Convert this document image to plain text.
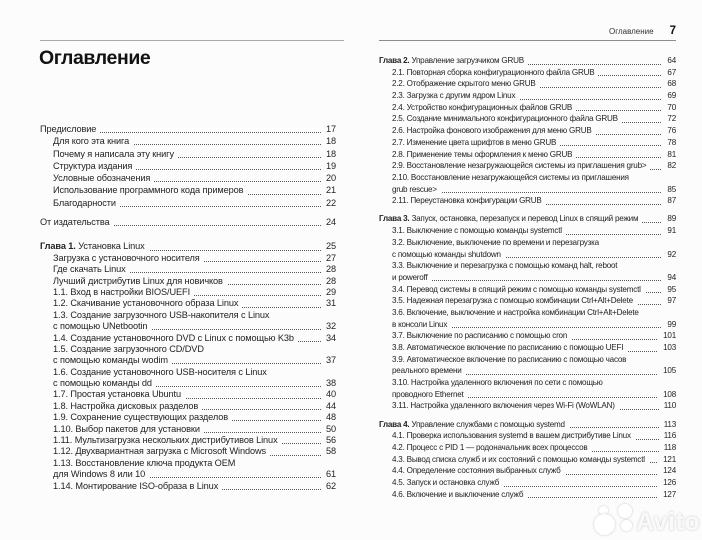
Оглавление
Предисловие	17
Для кого эта книга	18
Почему я написала эту книгу	18
Структура издания	19
Условные обозначения	20
Использование программного кода примеров	21
Благодарности	22
От издательства	24
Глава 1. Установка Linux	25
Загрузка с установочного носителя	27
Где скачать Linux	28
Лучший дистрибутив Linux для новичков	28
1.1. Вход в настройки BIOS/UEFI	29
1.2. Скачивание установочного образа Linux	31
1.3. Создание загрузочного USB-накопителя с Linux
с помощью UNetbootin	32
1.4. Создание установочного DVD с Linux с помощью K3b	34
1.5. Создание загрузочного CD/DVD
с помощью команды wodim	37
1.6. Создание установочного USB-носителя с Linux
с помощью команды dd	38
1.7. Простая установка Ubuntu	40
1.8. Настройка дисковых разделов	44
1.9. Сохранение существующих разделов	48
1.10. Выбор пакетов для установки	50
1.11. Мультизагрузка нескольких дистрибутивов Linux	56
1.12. Двухвариантная загрузка с Microsoft Windows	58
1.13. Восстановление ключа продукта OEM
для Windows 8 или 10	61
1.14. Монтирование ISO-образа в Linux	62
Оглавление 7
Глава 2. Управление загрузчиком GRUB	64
2.1. Повторная сборка конфигурационного файла GRUB	67
2.2. Отображение скрытого меню GRUB	68
2.3. Загрузка с другим ядром Linux	69
2.4. Устройство конфигурационных файлов GRUB	70
2.5. Создание минимального конфигурационного файла GRUB	72
2.6. Настройка фонового изображения для меню GRUB	76
2.7. Изменение цвета шрифтов в меню GRUB	78
2.8. Применение темы оформления к меню GRUB	81
2.9. Восстановление незагружающейся системы из приглашения grub>	82
2.10. Восстановление незагружающейся системы из приглашения
grub rescue>	85
2.11. Переустановка конфигурации GRUB	87
Глава 3. Запуск, остановка, перезапуск и перевод Linux в спящий режим	89
3.1. Выключение с помощью команды systemctl	91
3.2. Выключение, выключение по времени и перезагрузка
с помощью команды shutdown	92
3.3. Выключение и перезагрузка с помощью команд halt, reboot
и poweroff	94
3.4. Перевод системы в спящий режим с помощью команды systemctl	95
3.5. Надежная перезагрузка с помощью комбинации Ctrl+Alt+Delete	97
3.6. Включение, выключение и настройка комбинации Ctrl+Alt+Delete
в консоли Linux	99
3.7. Выключение по расписанию с помощью cron	101
3.8. Автоматическое включение по расписанию с помощью UEFI	103
3.9. Автоматическое включение по расписанию с помощью часов
реального времени	105
3.10. Настройка удаленного включения по сети с помощью
проводного Ethernet	108
3.11. Настройка удаленного включения через Wi-Fi (WoWLAN)	110
Глава 4. Управление службами с помощью systemd	113
4.1. Проверка использования systemd в вашем дистрибутиве Linux	116
4.2. Процесс с PID 1 — родоначальник всех процессов	118
4.3. Вывод списка служб и их состояний с помощью команды systemctl	121
4.4. Определение состояния выбранных служб	124
4.5. Запуск и остановка служб	126
4.6. Включение и выключение служб	127
Avito
